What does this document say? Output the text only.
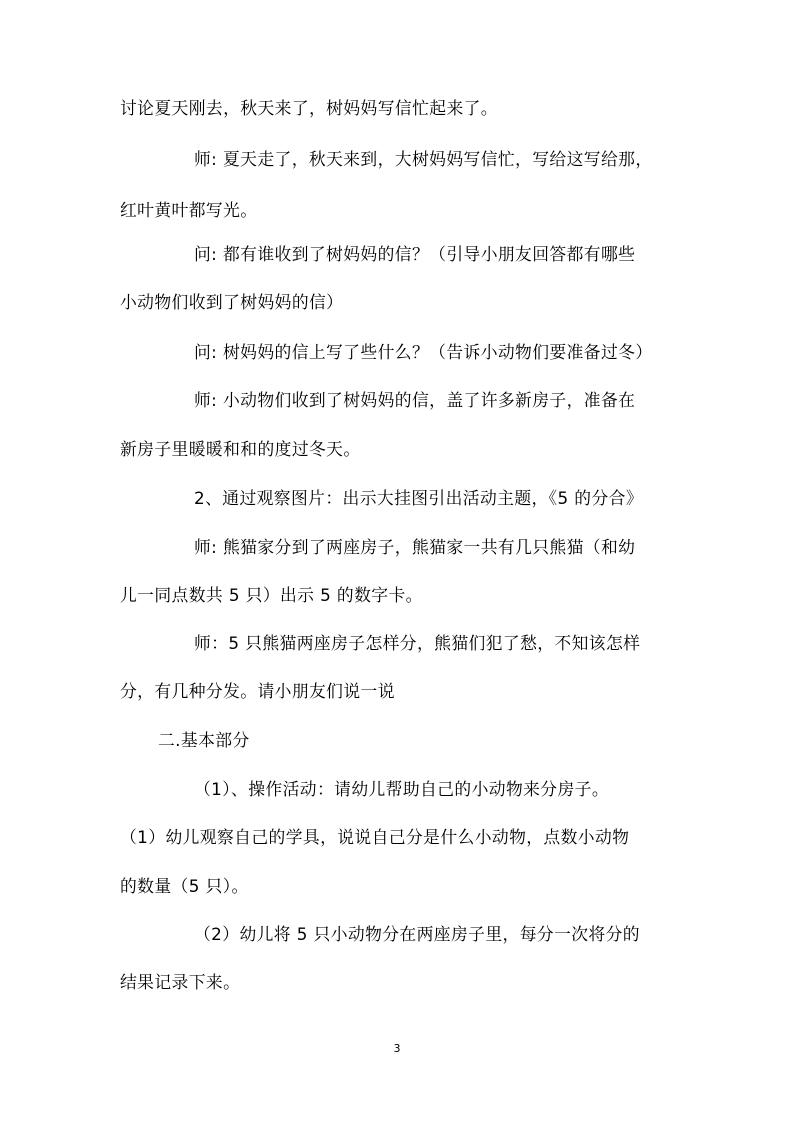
讨论夏天刚去，秋天来了，树妈妈写信忙起来了。
师: 夏天走了，秋天来到，大树妈妈写信忙，写给这写给那，
红叶黄叶都写光。
问: 都有谁收到了树妈妈的信？（引导小朋友回答都有哪些
小动物们收到了树妈妈的信）
问: 树妈妈的信上写了些什么？（告诉小动物们要准备过冬）
师: 小动物们收到了树妈妈的信，盖了许多新房子，准备在
新房子里暖暖和和的度过冬天。
2、通过观察图片：出示大挂图引出活动主题，《5 的分合》
师: 熊猫家分到了两座房子，熊猫家一共有几只熊猫（和幼
儿一同点数共 5 只）出示 5 的数字卡。
师：5 只熊猫两座房子怎样分，熊猫们犯了愁，不知该怎样
分，有几种分发。请小朋友们说一说
二.基本部分
（1）、操作活动：请幼儿帮助自己的小动物来分房子。
（1）幼儿观察自己的学具，说说自己分是什么小动物，点数小动物
的数量（5 只）。
（2）幼儿将 5 只小动物分在两座房子里，每分一次将分的
结果记录下来。
3
